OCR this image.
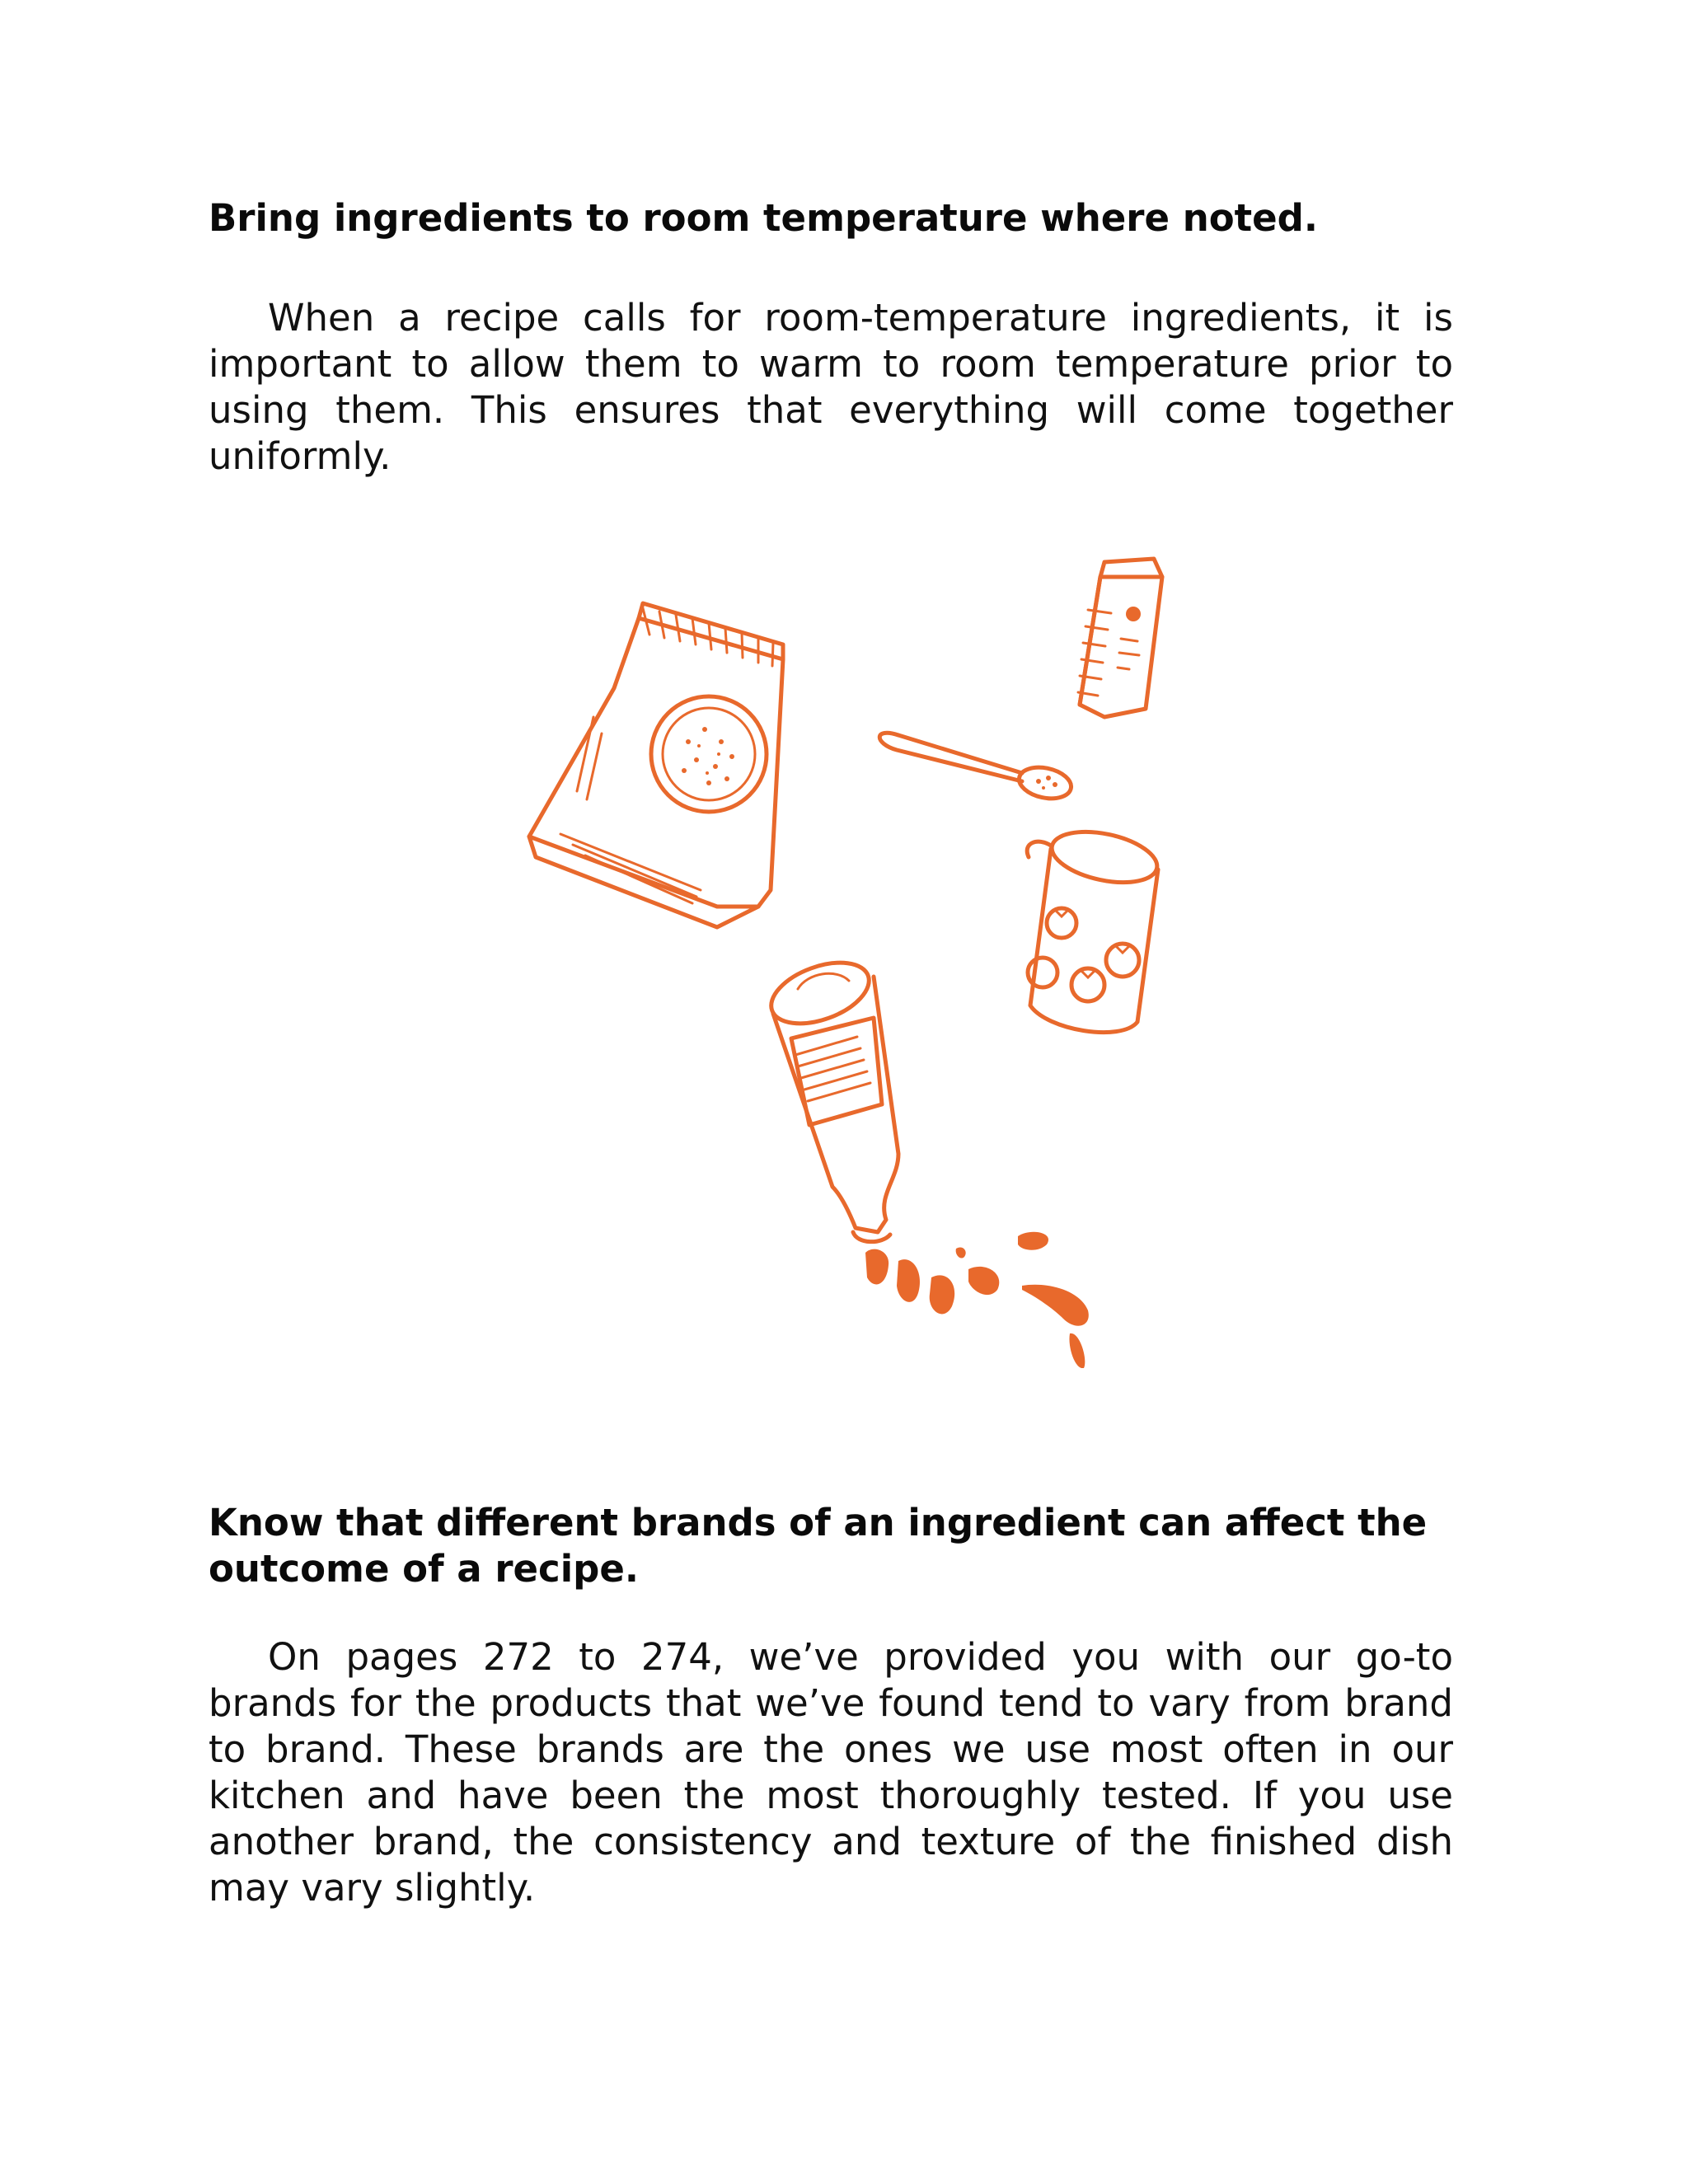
Bring ingredients to room temperature where noted.

When a recipe calls for room-temperature ingredients, it is important to allow them to warm to room temperature prior to using them. This ensures that everything will come together uniformly.

Know that different brands of an ingredient can affect the outcome of a recipe.

On pages 272 to 274, we’ve provided you with our go-to brands for the products that we’ve found tend to vary from brand to brand. These brands are the ones we use most often in our kitchen and have been the most thoroughly tested. If you use another brand, the consistency and texture of the finished dish may vary slightly.
